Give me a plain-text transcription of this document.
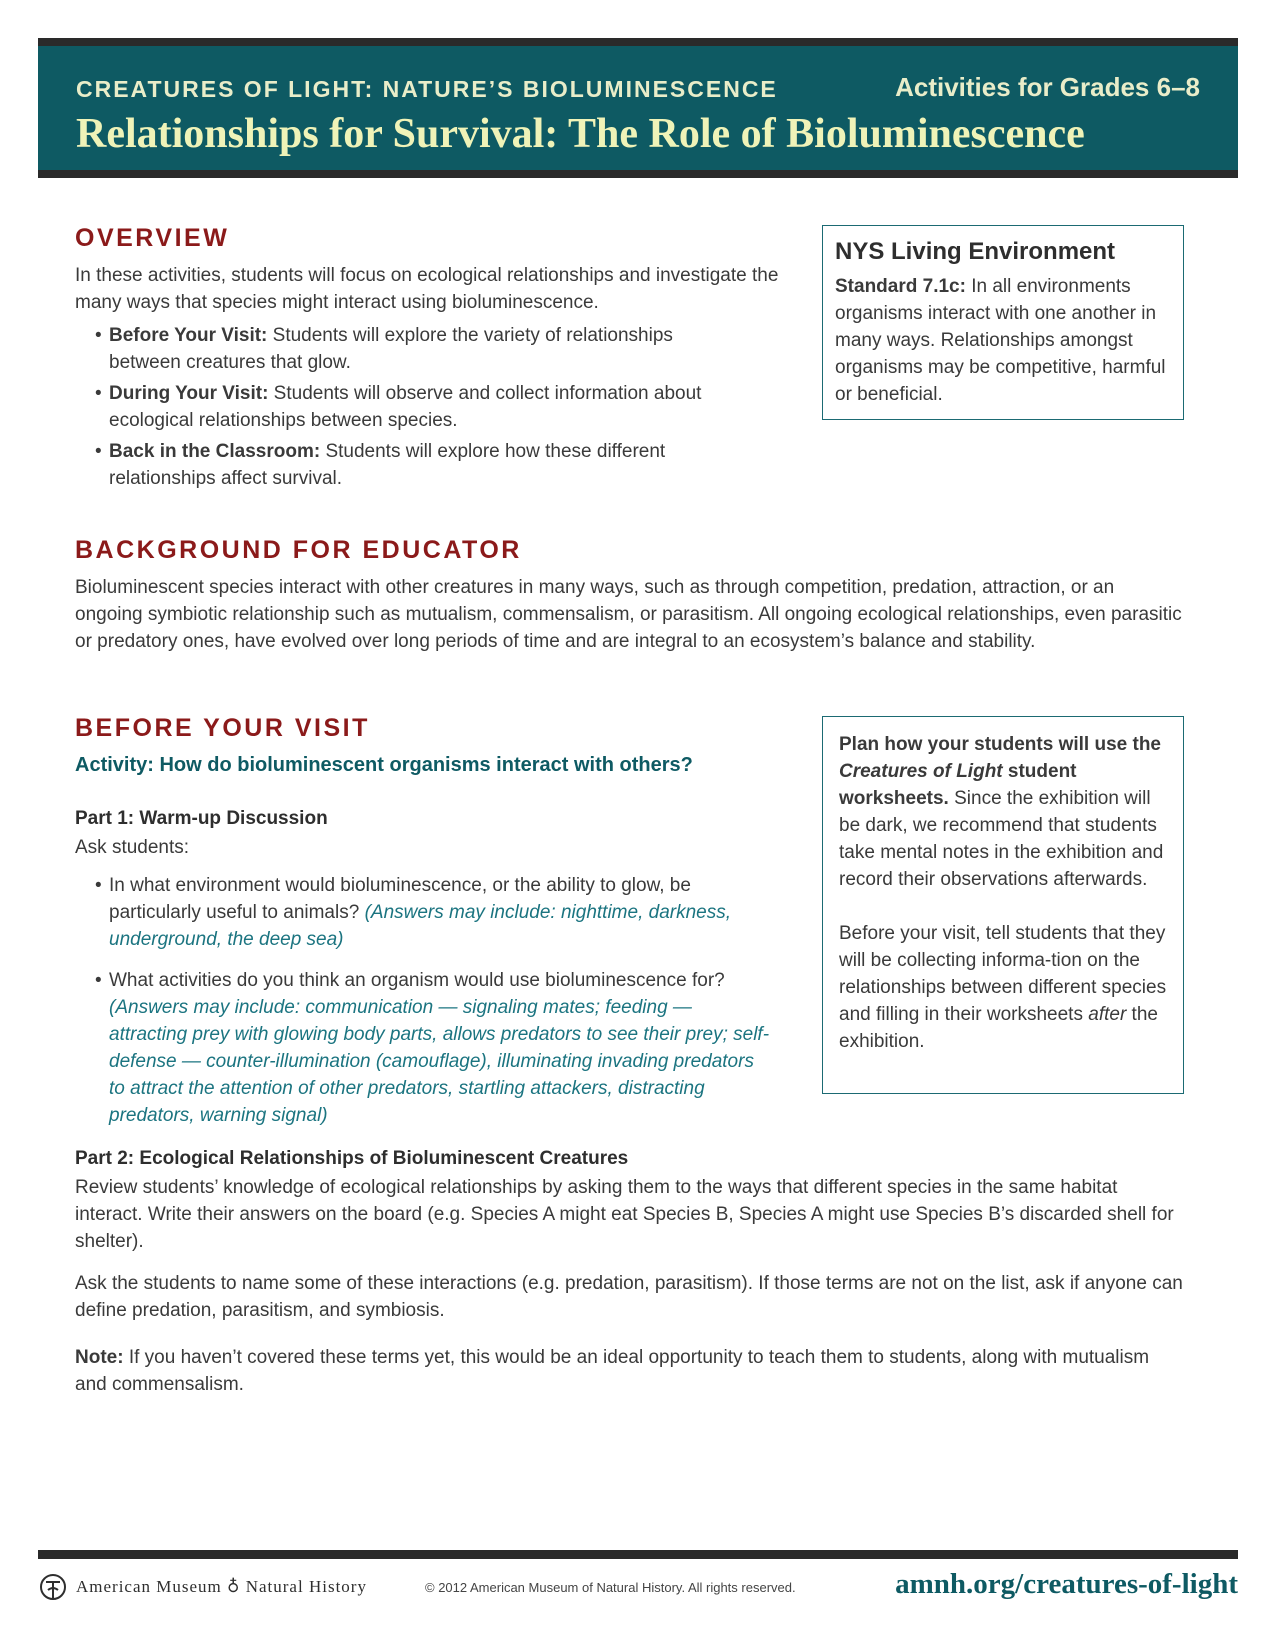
CREATURES OF LIGHT: NATURE’S BIOLUMINESCENCE	Activities for Grades 6–8
Relationships for Survival: The Role of Bioluminescence
OVERVIEW
In these activities, students will focus on ecological relationships and investigate the many ways that species might interact using bioluminescence.
• Before Your Visit: Students will explore the variety of relationships between creatures that glow.
• During Your Visit: Students will observe and collect information about ecological relationships between species.
• Back in the Classroom: Students will explore how these different relationships affect survival.
NYS Living Environment
Standard 7.1c: In all environments organisms interact with one another in many ways. Relationships amongst organisms may be competitive, harmful or beneficial.
BACKGROUND FOR EDUCATOR
Bioluminescent species interact with other creatures in many ways, such as through competition, predation, attraction, or an ongoing symbiotic relationship such as mutualism, commensalism, or parasitism. All ongoing ecological relationships, even parasitic or predatory ones, have evolved over long periods of time and are integral to an ecosystem’s balance and stability.
BEFORE YOUR VISIT
Activity: How do bioluminescent organisms interact with others?
Part 1: Warm-up Discussion
Ask students:
• In what environment would bioluminescence, or the ability to glow, be particularly useful to animals? (Answers may include: nighttime, darkness, underground, the deep sea)
• What activities do you think an organism would use bioluminescence for? (Answers may include: communication — signaling mates; feeding — attracting prey with glowing body parts, allows predators to see their prey; self-defense — counter-illumination (camouflage), illuminating invading predators to attract the attention of other predators, startling attackers, distracting predators, warning signal)
Plan how your students will use the Creatures of Light student worksheets. Since the exhibition will be dark, we recommend that students take mental notes in the exhibition and record their observations afterwards.
Before your visit, tell students that they will be collecting informa-tion on the relationships between different species and filling in their worksheets after the exhibition.
Part 2: Ecological Relationships of Bioluminescent Creatures
Review students’ knowledge of ecological relationships by asking them to the ways that different species in the same habitat interact. Write their answers on the board (e.g. Species A might eat Species B, Species A might use Species B’s discarded shell for shelter).
Ask the students to name some of these interactions (e.g. predation, parasitism). If those terms are not on the list, ask if anyone can define predation, parasitism, and symbiosis.
Note: If you haven’t covered these terms yet, this would be an ideal opportunity to teach them to students, along with mutualism and commensalism.
American Museum ♁ Natural History	© 2012 American Museum of Natural History. All rights reserved.	amnh.org/creatures-of-light
